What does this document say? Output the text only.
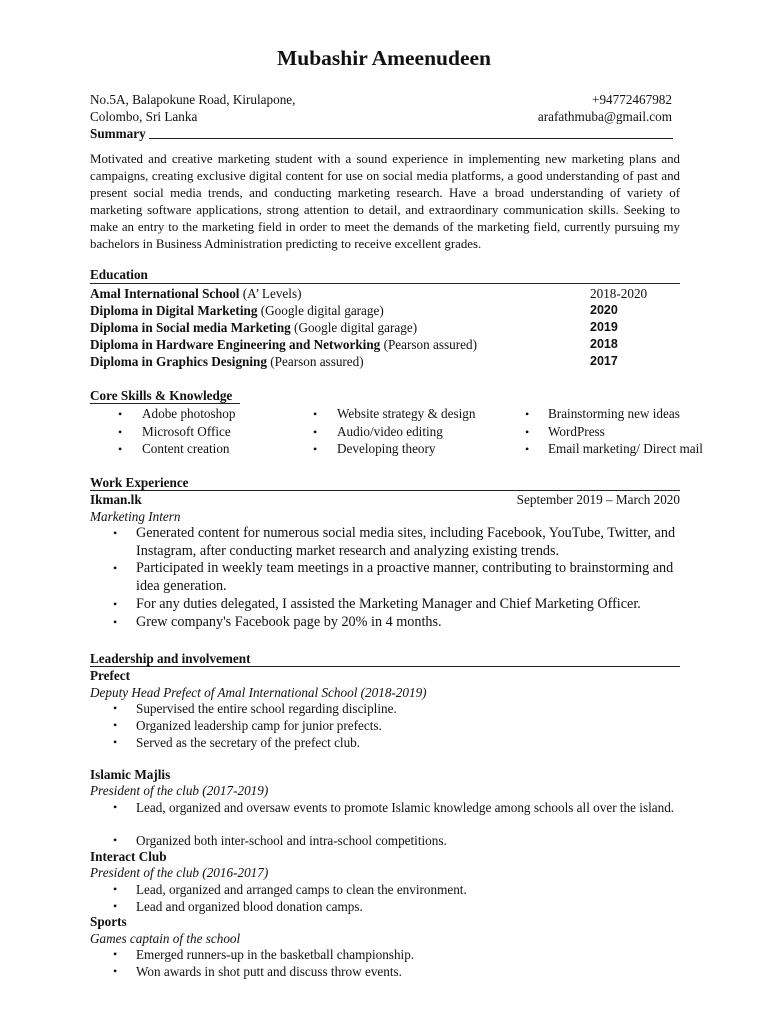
Mubashir Ameenudeen
No.5A, Balapokune Road, Kirulapone,
Colombo, Sri Lanka
+94772467982
arafathmuba@gmail.com
Summary
Motivated and creative marketing student with a sound experience in implementing new marketing plans and campaigns, creating exclusive digital content for use on social media platforms, a good understanding of past and present social media trends, and conducting marketing research. Have a broad understanding of variety of marketing software applications, strong attention to detail, and extraordinary communication skills. Seeking to make an entry to the marketing field in order to meet the demands of the marketing field, currently pursuing my bachelors in Business Administration predicting to receive excellent grades.
Education
Amal International School (A’ Levels)	2018-2020
Diploma in Digital Marketing (Google digital garage)	2020
Diploma in Social media Marketing (Google digital garage)	2019
Diploma in Hardware Engineering and Networking (Pearson assured)	2018
Diploma in Graphics Designing (Pearson assured)	2017
Core Skills & Knowledge
• Adobe photoshop
• Microsoft Office
• Content creation
• Website strategy & design
• Audio/video editing
• Developing theory
• Brainstorming new ideas
• WordPress
• Email marketing/ Direct mail
Work Experience
Ikman.lk	September 2019 – March 2020
Marketing Intern
• Generated content for numerous social media sites, including Facebook, YouTube, Twitter, and Instagram, after conducting market research and analyzing existing trends.
• Participated in weekly team meetings in a proactive manner, contributing to brainstorming and idea generation.
• For any duties delegated, I assisted the Marketing Manager and Chief Marketing Officer.
• Grew company's Facebook page by 20% in 4 months.
Leadership and involvement
Prefect
Deputy Head Prefect of Amal International School (2018-2019)
• Supervised the entire school regarding discipline.
• Organized leadership camp for junior prefects.
• Served as the secretary of the prefect club.
Islamic Majlis
President of the club (2017-2019)
• Lead, organized and oversaw events to promote Islamic knowledge among schools all over the island.
• Organized both inter-school and intra-school competitions.
Interact Club
President of the club (2016-2017)
• Lead, organized and arranged camps to clean the environment.
• Lead and organized blood donation camps.
Sports
Games captain of the school
• Emerged runners-up in the basketball championship.
• Won awards in shot putt and discuss throw events.
